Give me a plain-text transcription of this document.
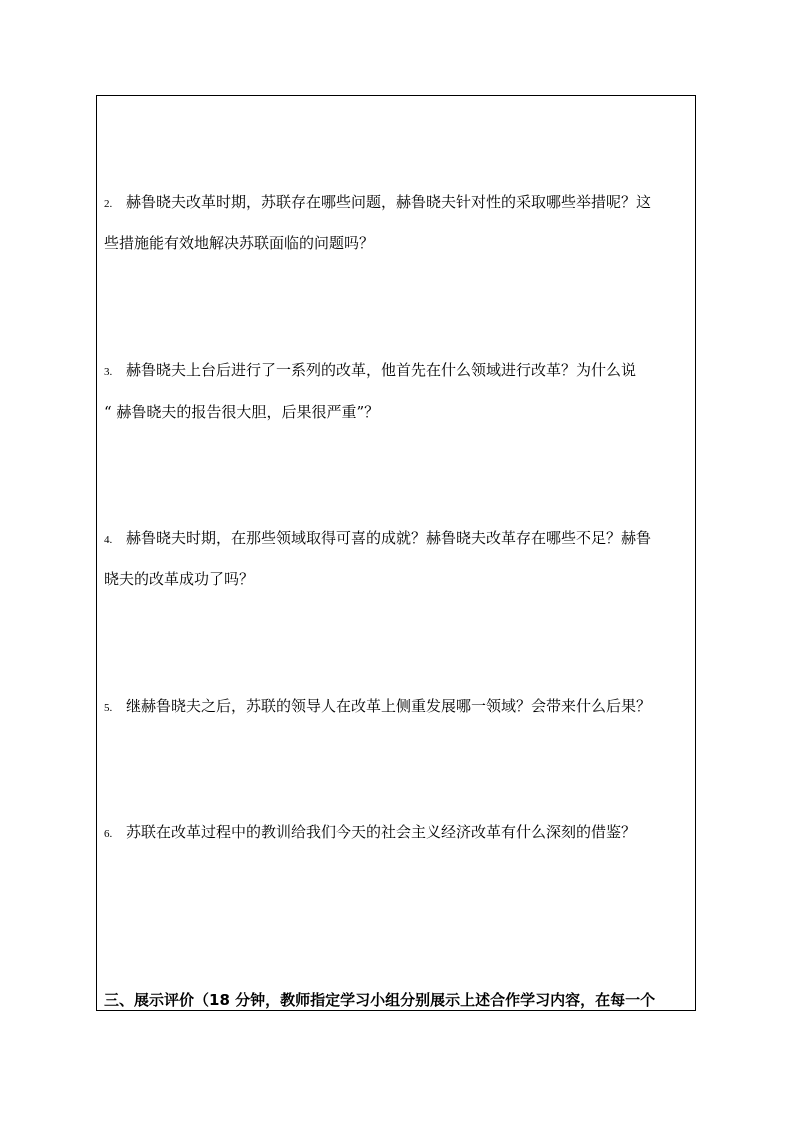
2. 赫鲁晓夫改革时期，苏联存在哪些问题，赫鲁晓夫针对性的采取哪些举措呢？这
些措施能有效地解决苏联面临的问题吗？
3. 赫鲁晓夫上台后进行了一系列的改革，他首先在什么领域进行改革？为什么说
“ 赫鲁晓夫的报告很大胆，后果很严重”？
4. 赫鲁晓夫时期，在那些领域取得可喜的成就？赫鲁晓夫改革存在哪些不足？赫鲁
晓夫的改革成功了吗？
5. 继赫鲁晓夫之后，苏联的领导人在改革上侧重发展哪一领域？会带来什么后果？
6. 苏联在改革过程中的教训给我们今天的社会主义经济改革有什么深刻的借鉴？
三、展示评价（18 分钟，教师指定学习小组分别展示上述合作学习内容，在每一个
